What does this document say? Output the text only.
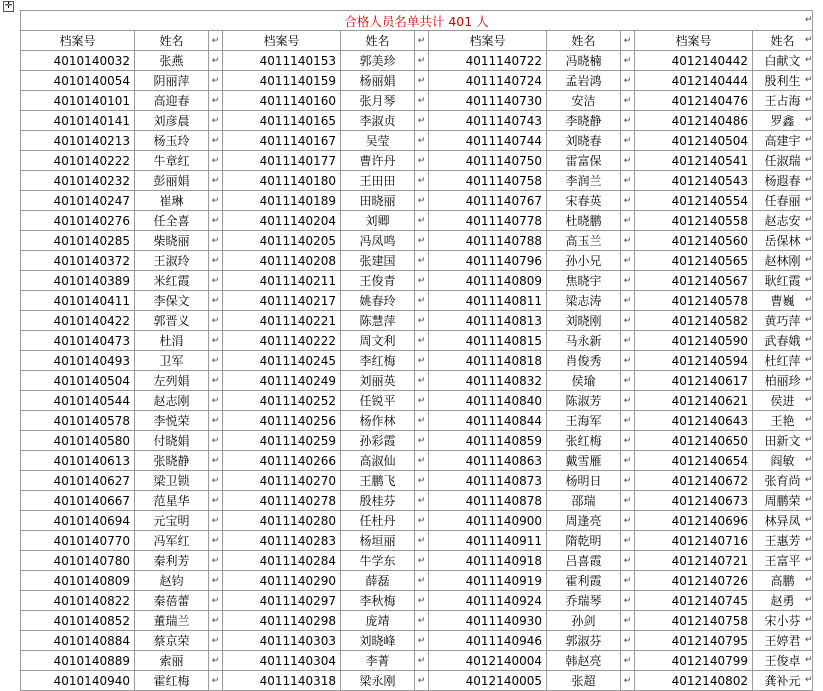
✛
合格人员名单共计 401 人										
档案号	姓名	↵	档案号	姓名	↵	档案号	姓名	↵	档案号	姓名
4010140032	张燕	↵	4011140153	郭美珍	↵	4011140722	冯晓楠	↵	4012140442	白献文
4010140054	阴丽萍	↵	4011140159	杨丽娟	↵	4011140724	孟岩鸿	↵	4012140444	殷利生
4010140101	高迎春	↵	4011140160	张月琴	↵	4011140730	安洁	↵	4012140476	王占海
4010140141	刘彦晨	↵	4011140165	李淑贞	↵	4011140743	李晓静	↵	4012140486	罗鑫
4010140213	杨玉玲	↵	4011140167	吴莹	↵	4011140744	刘晓春	↵	4012140504	高建宇
4010140222	牛章红	↵	4011140177	曹许丹	↵	4011140750	雷富保	↵	4012140541	任淑瑞
4010140232	彭丽娟	↵	4011140180	王田田	↵	4011140758	李润兰	↵	4012140543	杨遐春
4010140247	崔琳	↵	4011140189	田晓丽	↵	4011140767	宋春英	↵	4012140554	任春丽
4010140276	任全喜	↵	4011140204	刘卿	↵	4011140778	杜晓鹏	↵	4012140558	赵志安
4010140285	柴晓丽	↵	4011140205	冯凤鸣	↵	4011140788	高玉兰	↵	4012140560	岳保林
4010140372	王淑玲	↵	4011140208	张建国	↵	4011140796	孙小兄	↵	4012140565	赵林刚
4010140389	米红霞	↵	4011140211	王俊青	↵	4011140809	焦晓宇	↵	4012140567	耿红霞
4010140411	李保文	↵	4011140217	姚春玲	↵	4011140811	梁志涛	↵	4012140578	曹巍
4010140422	郭晋义	↵	4011140221	陈慧萍	↵	4011140813	刘晓刚	↵	4012140582	黄巧萍
4010140473	杜涓	↵	4011140222	周文利	↵	4011140815	马永新	↵	4012140590	武春娥
4010140493	卫军	↵	4011140245	李红梅	↵	4011140818	肖俊秀	↵	4012140594	杜红萍
4010140504	左列娟	↵	4011140249	刘丽英	↵	4011140832	侯瑜	↵	4012140617	柏丽珍
4010140544	赵志刚	↵	4011140252	任锐平	↵	4011140840	陈淑芳	↵	4012140621	侯进
4010140578	李悦荣	↵	4011140256	杨作林	↵	4011140844	王海军	↵	4012140643	王艳
4010140580	付晓娟	↵	4011140259	孙彩霞	↵	4011140859	张红梅	↵	4012140650	田新文
4010140613	张晓静	↵	4011140266	高淑仙	↵	4011140863	戴雪雁	↵	4012140654	阎敏
4010140627	梁卫锁	↵	4011140270	王鹏飞	↵	4011140873	杨明日	↵	4012140672	张育尚
4010140667	范星华	↵	4011140278	殷桂芬	↵	4011140878	邵瑞	↵	4012140673	周鹏荣
4010140694	元宝明	↵	4011140280	任杜丹	↵	4011140900	周逢亮	↵	4012140696	林异凤
4010140770	冯军红	↵	4011140283	杨垣丽	↵	4011140911	隋乾明	↵	4012140716	王惠芳
4010140780	秦利芳	↵	4011140284	牛学东	↵	4011140918	吕喜霞	↵	4012140721	王富平
4010140809	赵钧	↵	4011140290	薛磊	↵	4011140919	霍利霞	↵	4012140726	高鹏
4010140822	秦蓓蕾	↵	4011140297	李秋梅	↵	4011140924	乔瑞琴	↵	4012140745	赵勇
4010140852	董瑞兰	↵	4011140298	庞靖	↵	4011140930	孙剑	↵	4012140758	宋小芬
4010140884	蔡京荣	↵	4011140303	刘晓峰	↵	4011140946	郭淑芬	↵	4012140795	王婷君
4010140889	索丽	↵	4011140304	李菁	↵	4012140004	韩赵亮	↵	4012140799	王俊卓
4010140940	霍红梅	↵	4011140318	梁永刚	↵	4012140005	张超	↵	4012140802	龚补元
↵
↵
↵
↵
↵
↵
↵
↵
↵
↵
↵
↵
↵
↵
↵
↵
↵
↵
↵
↵
↵
↵
↵
↵
↵
↵
↵
↵
↵
↵
↵
↵
↵
↵
